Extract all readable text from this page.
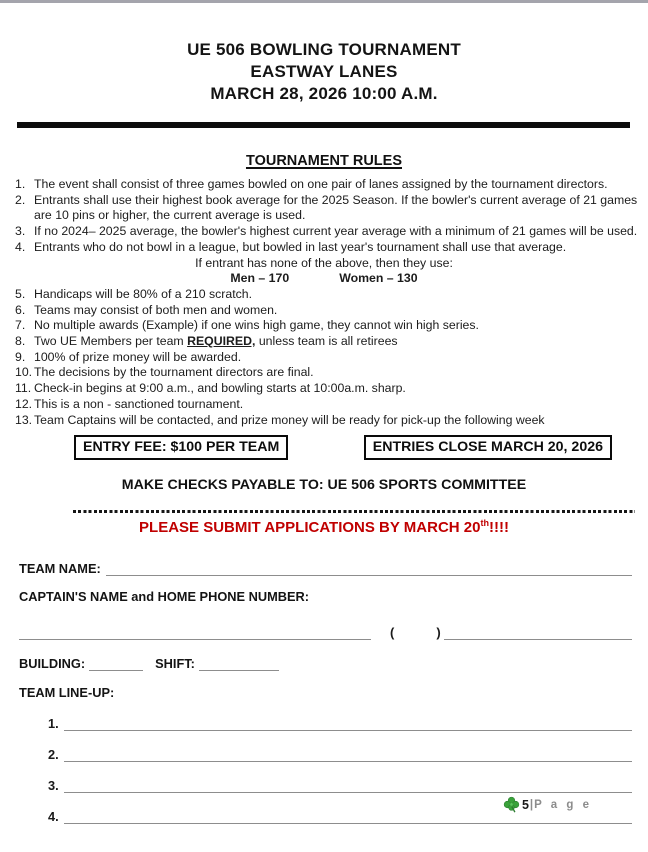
UE 506 BOWLING TOURNAMENT
EASTWAY LANES
MARCH 28, 2026 10:00 A.M.
TOURNAMENT RULES
1. The event shall consist of three games bowled on one pair of lanes assigned by the tournament directors.
2. Entrants shall use their highest book average for the 2025 Season. If the bowler's current average of 21 games are 10 pins or higher, the current average is used.
3. If no 2024– 2025 average, the bowler's highest current year average with a minimum of 21 games will be used.
4. Entrants who do not bowl in a league, but bowled in last year's tournament shall use that average.
If entrant has none of the above, then they use:
Men – 170	Women – 130
5. Handicaps will be 80% of a 210 scratch.
6. Teams may consist of both men and women.
7. No multiple awards (Example) if one wins high game, they cannot win high series.
8. Two UE Members per team REQUIRED, unless team is all retirees
9. 100% of prize money will be awarded.
10. The decisions by the tournament directors are final.
11. Check-in begins at 9:00 a.m., and bowling starts at 10:00a.m. sharp.
12. This is a non - sanctioned tournament.
13. Team Captains will be contacted, and prize money will be ready for pick-up the following week
ENTRY FEE: $100 PER TEAM	ENTRIES CLOSE MARCH 20, 2026
MAKE CHECKS PAYABLE TO: UE 506 SPORTS COMMITTEE
PLEASE SUBMIT APPLICATIONS BY MARCH 20th!!!!
TEAM NAME:
CAPTAIN'S NAME and HOME PHONE NUMBER:
(	)
BUILDING:	SHIFT:
TEAM LINE-UP:
1.
2.
3.
4.
5 | P a g e
